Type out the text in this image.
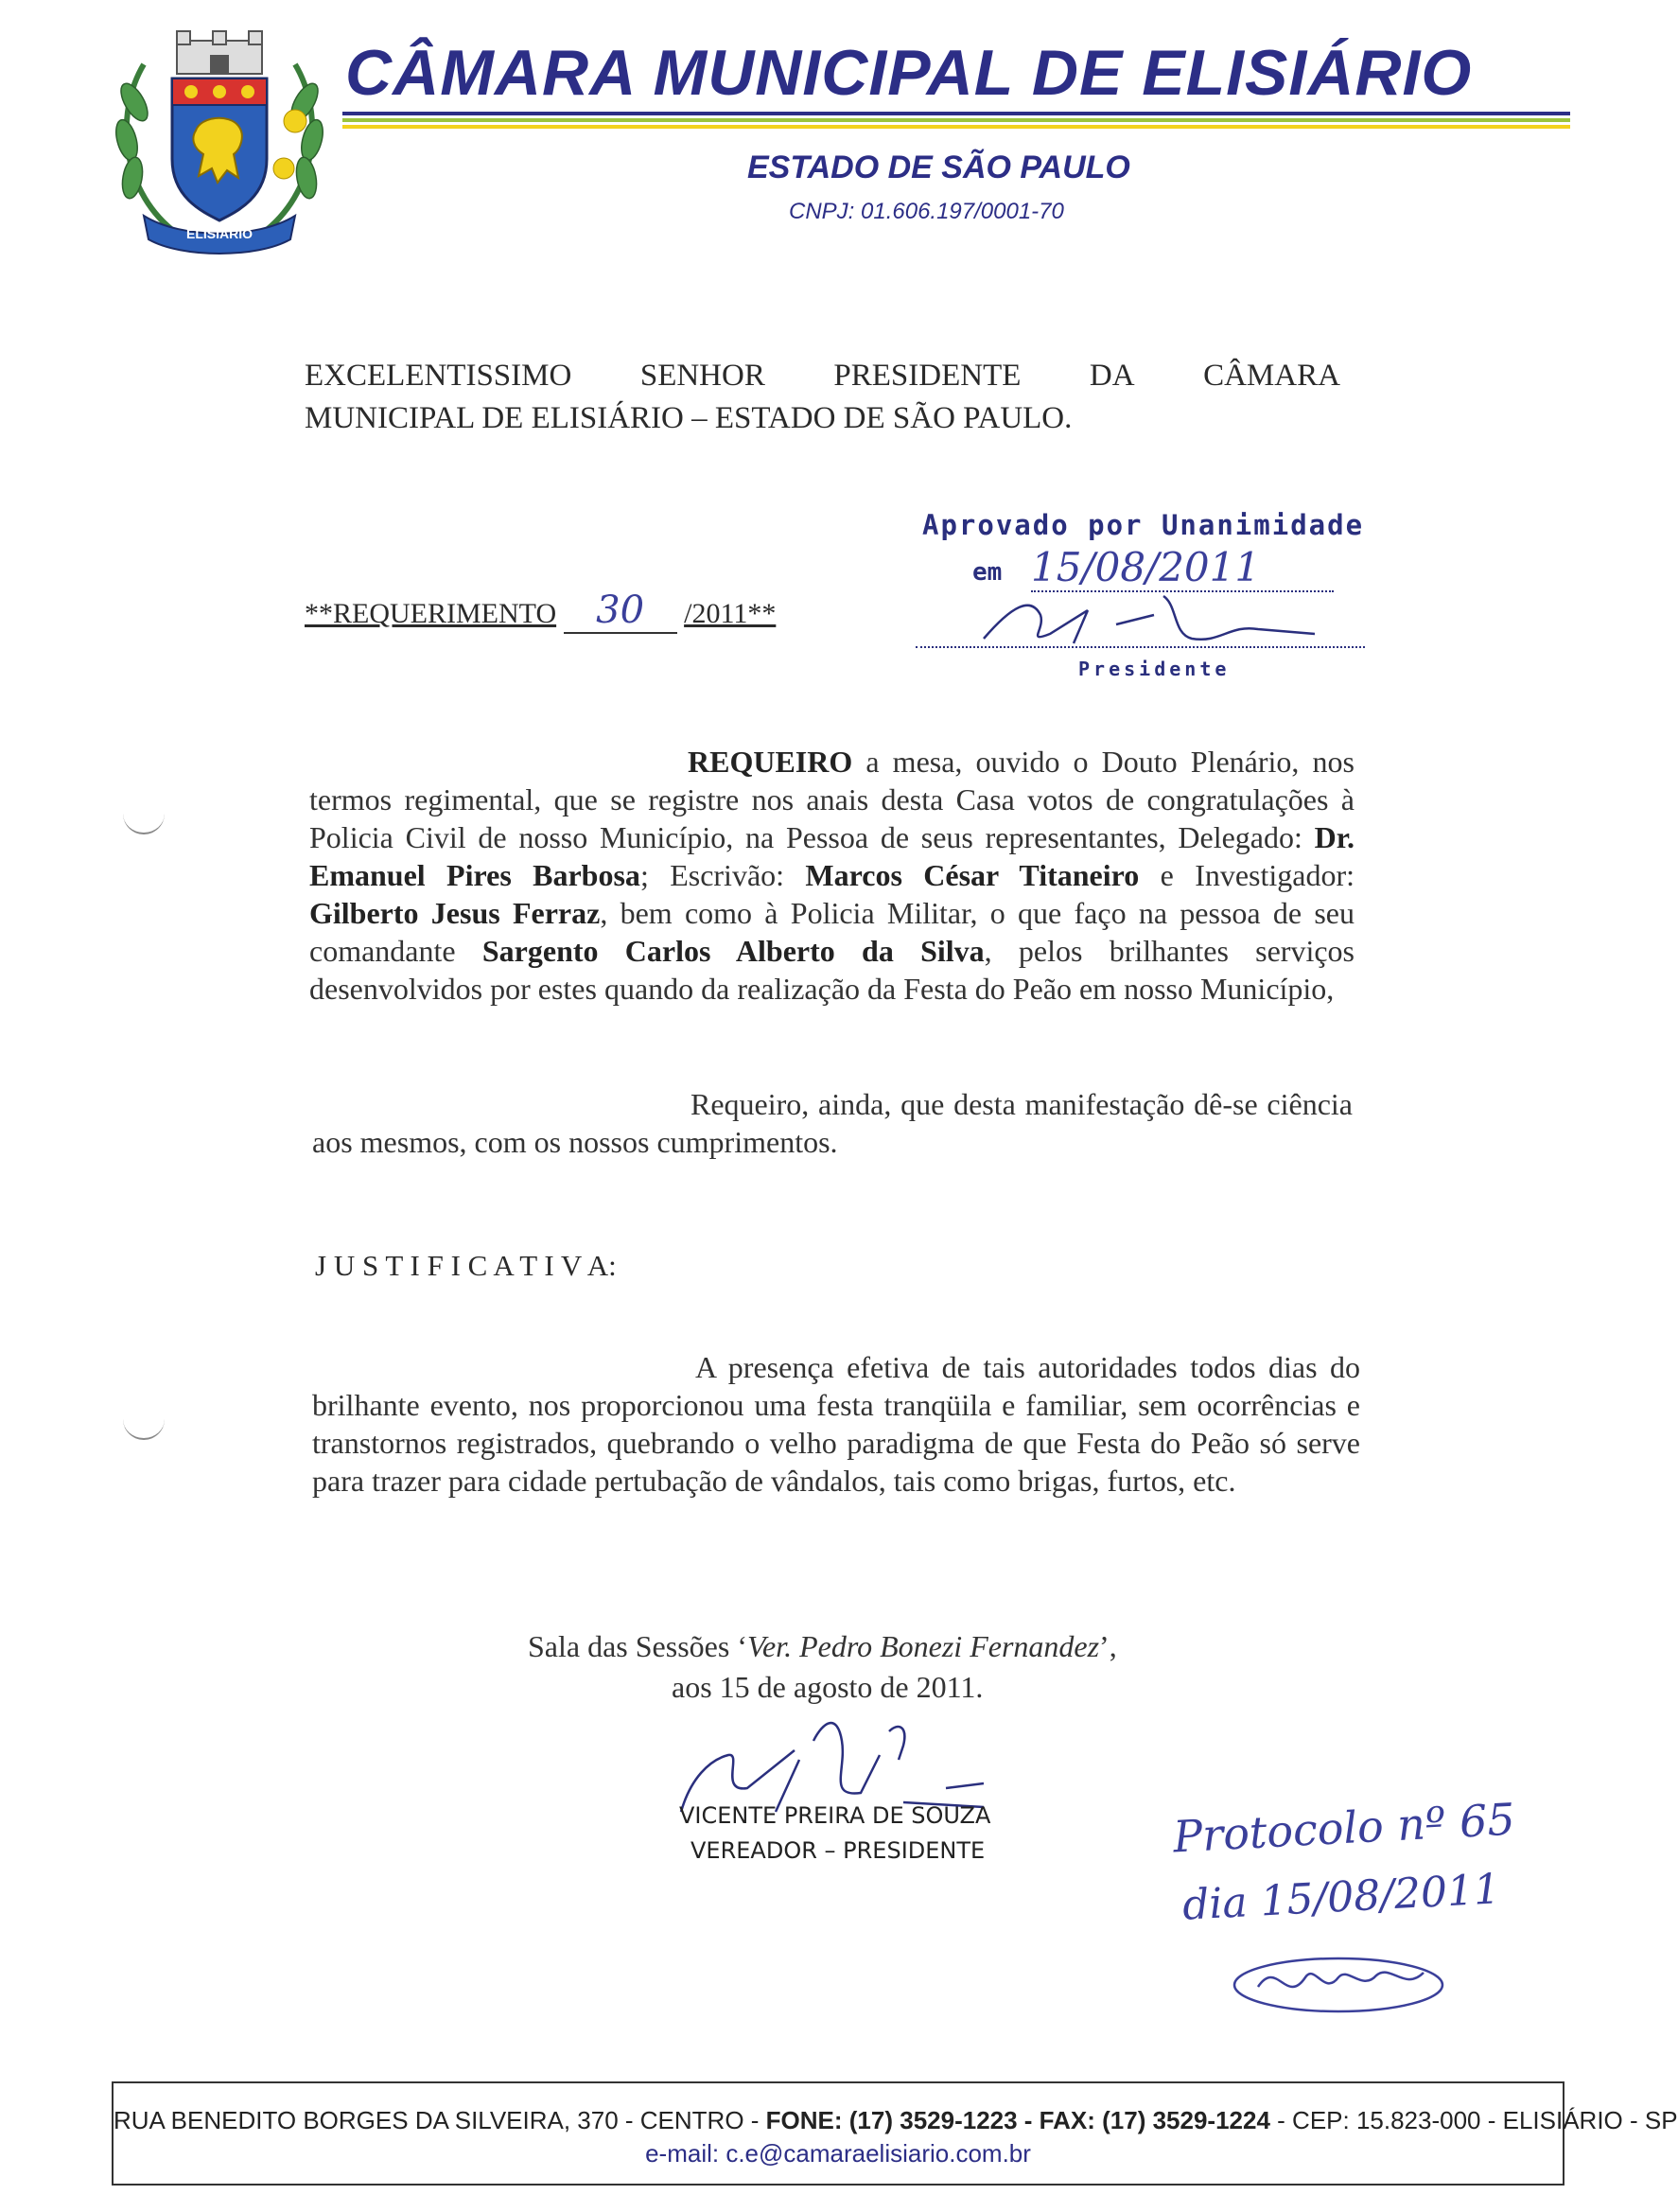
ELISIÁRIO
CÂMARA MUNICIPAL DE ELISIÁRIO
ESTADO DE SÃO PAULO
CNPJ: 01.606.197/0001-70
EXCELENTISSIMO SENHOR PRESIDENTE DA CÂMARA
MUNICIPAL DE ELISIÁRIO – ESTADO DE SÃO PAULO.
**REQUERIMENTO 30 /2011**
Aprovado por Unanimidade
em 15/08/2011
Presidente
REQUEIRO a mesa, ouvido o Douto Plenário, nos termos regimental, que se registre nos anais desta Casa votos de congratulações à Policia Civil de nosso Município, na Pessoa de seus representantes, Delegado: Dr. Emanuel Pires Barbosa; Escrivão: Marcos César Titaneiro e Investigador: Gilberto Jesus Ferraz, bem como à Policia Militar, o que faço na pessoa de seu comandante Sargento Carlos Alberto da Silva, pelos brilhantes serviços desenvolvidos por estes quando da realização da Festa do Peão em nosso Município,
Requeiro, ainda, que desta manifestação dê-se ciência aos mesmos, com os nossos cumprimentos.
J U S T I F I C A T I V A:
A presença efetiva de tais autoridades todos dias do brilhante evento, nos proporcionou uma festa tranqüila e familiar, sem ocorrências e transtornos registrados, quebrando o velho paradigma de que Festa do Peão só serve para trazer para cidade pertubação de vândalos, tais como brigas, furtos, etc.
Sala das Sessões ‘Ver. Pedro Bonezi Fernandez’,
aos 15 de agosto de 2011.
VICENTE PREIRA DE SOUZA
VEREADOR – PRESIDENTE	Protocolo nº 65
dia 15/08/2011
RUA BENEDITO BORGES DA SILVEIRA, 370 - CENTRO - FONE: (17) 3529-1223 - FAX: (17) 3529-1224 - CEP: 15.823-000 - ELISIÁRIO - SP
e-mail: c.e@camaraelisiario.com.br
